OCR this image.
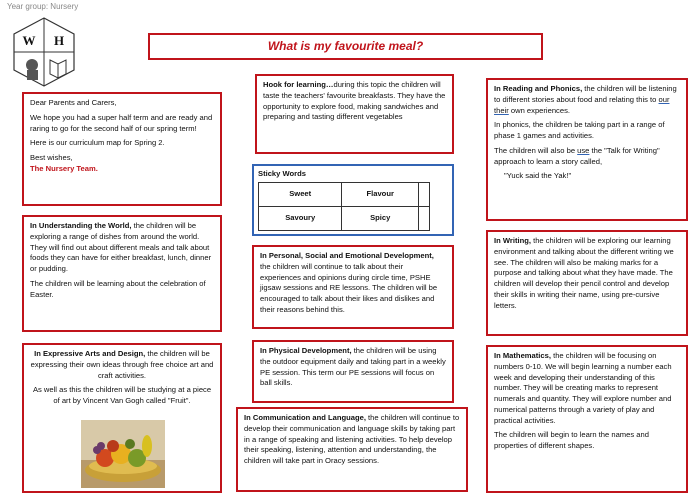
Year group: Nursery
W H	What is my favourite meal?

Dear Parents and Carers,

We hope you had a super half term and are ready and raring to go for the second half of our spring term!

Here is our curriculum map for Spring 2.

Best wishes,

The Nursery Team.

In Understanding the World, the children will be exploring a range of dishes from around the world. They will find out about different meals and talk about foods they can have for either breakfast, lunch, dinner or pudding.

The children will be learning about the celebration of Easter.

In Expressive Arts and Design, the children will be expressing their own ideas through free choice art and craft activities.

As well as this the children will be studying at a piece of art by Vincent Van Gogh called "Fruit".

Hook for learning…during this topic the children will taste the teachers' favourite breakfasts. They have the opportunity to explore food, making sandwiches and preparing and tasting different vegetables

Sticky Words
Sweet	Flavour	
Savoury	Spicy	

In Personal, Social and Emotional Development, the children will continue to talk about their experiences and opinions during circle time, PSHE jigsaw sessions and RE lessons. The children will be encouraged to talk about their likes and dislikes and their reasons behind this.

In Physical Development, the children will be using the outdoor equipment daily and taking part in a weekly PE session. This term our PE sessions will focus on ball skills.

In Communication and Language, the children will continue to develop their communication and language skills by taking part in a range of speaking and listening activities. To help develop their speaking, listening, attention and understanding, the children will take part in Oracy sessions.

In Reading and Phonics, the children will be listening to different stories about food and relating this to our their own experiences.

In phonics, the children be taking part in a range of phase 1 games and activities.

The children will also be use the "Talk for Writing" approach to learn a story called,

"Yuck said the Yak!"

In Writing, the children will be exploring our learning environment and talking about the different writing we see. The children will also be making marks for a purpose and talking about what they have made. The children will develop their pencil control and develop their skills in writing their name, using pre-cursive letters.

In Mathematics, the children will be focusing on numbers 0-10. We will begin learning a number each week and developing their understanding of this number. They will be creating marks to represent numerals and quantity. They will explore number and numerical patterns through a variety of play and practical activities.

The children will begin to learn the names and properties of different shapes.
